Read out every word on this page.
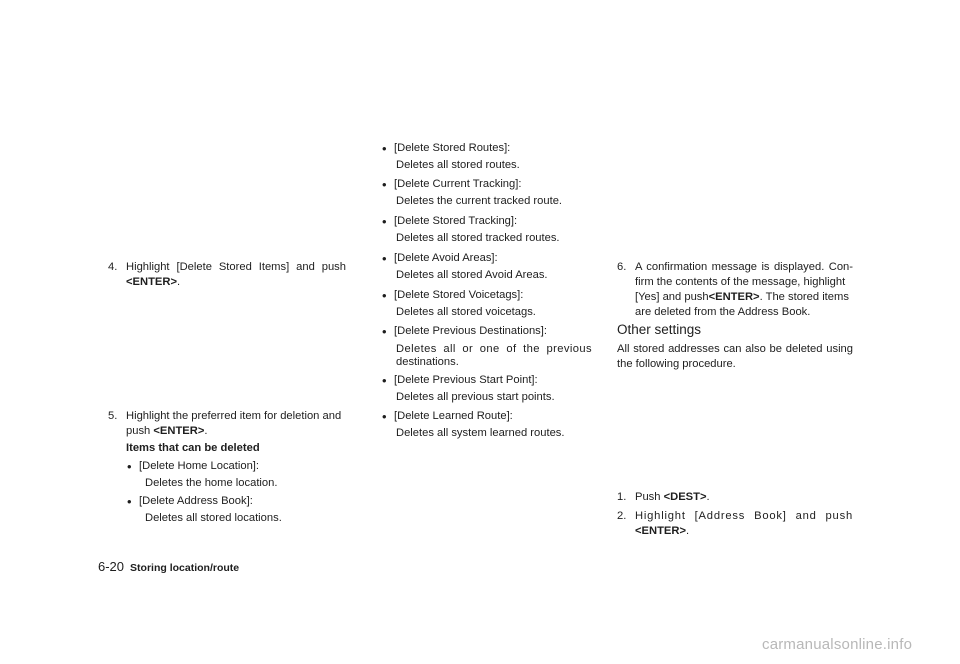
4. Highlight [Delete Stored Items] and push
<ENTER>.
5. Highlight the preferred item for deletion and push <ENTER>.
Items that can be deleted
• [Delete Home Location]:
Deletes the home location.
• [Delete Address Book]:
Deletes all stored locations.
• [Delete Stored Routes]:
Deletes all stored routes.
• [Delete Current Tracking]:
Deletes the current tracked route.
• [Delete Stored Tracking]:
Deletes all stored tracked routes.
• [Delete Avoid Areas]:
Deletes all stored Avoid Areas.
• [Delete Stored Voicetags]:
Deletes all stored voicetags.
• [Delete Previous Destinations]:
Deletes all or one of the previous
destinations.
• [Delete Previous Start Point]:
Deletes all previous start points.
• [Delete Learned Route]:
Deletes all system learned routes.
6. A confirmation message is displayed. Con-
firm the contents of the message, highlight
[Yes] and push<ENTER>. The stored items
are deleted from the Address Book.
Other settings
All stored addresses can also be deleted using
the following procedure.
1. Push <DEST>.
2. Highlight [Address Book] and push
<ENTER>.
6-20 Storing location/route
carmanualsonline.info
